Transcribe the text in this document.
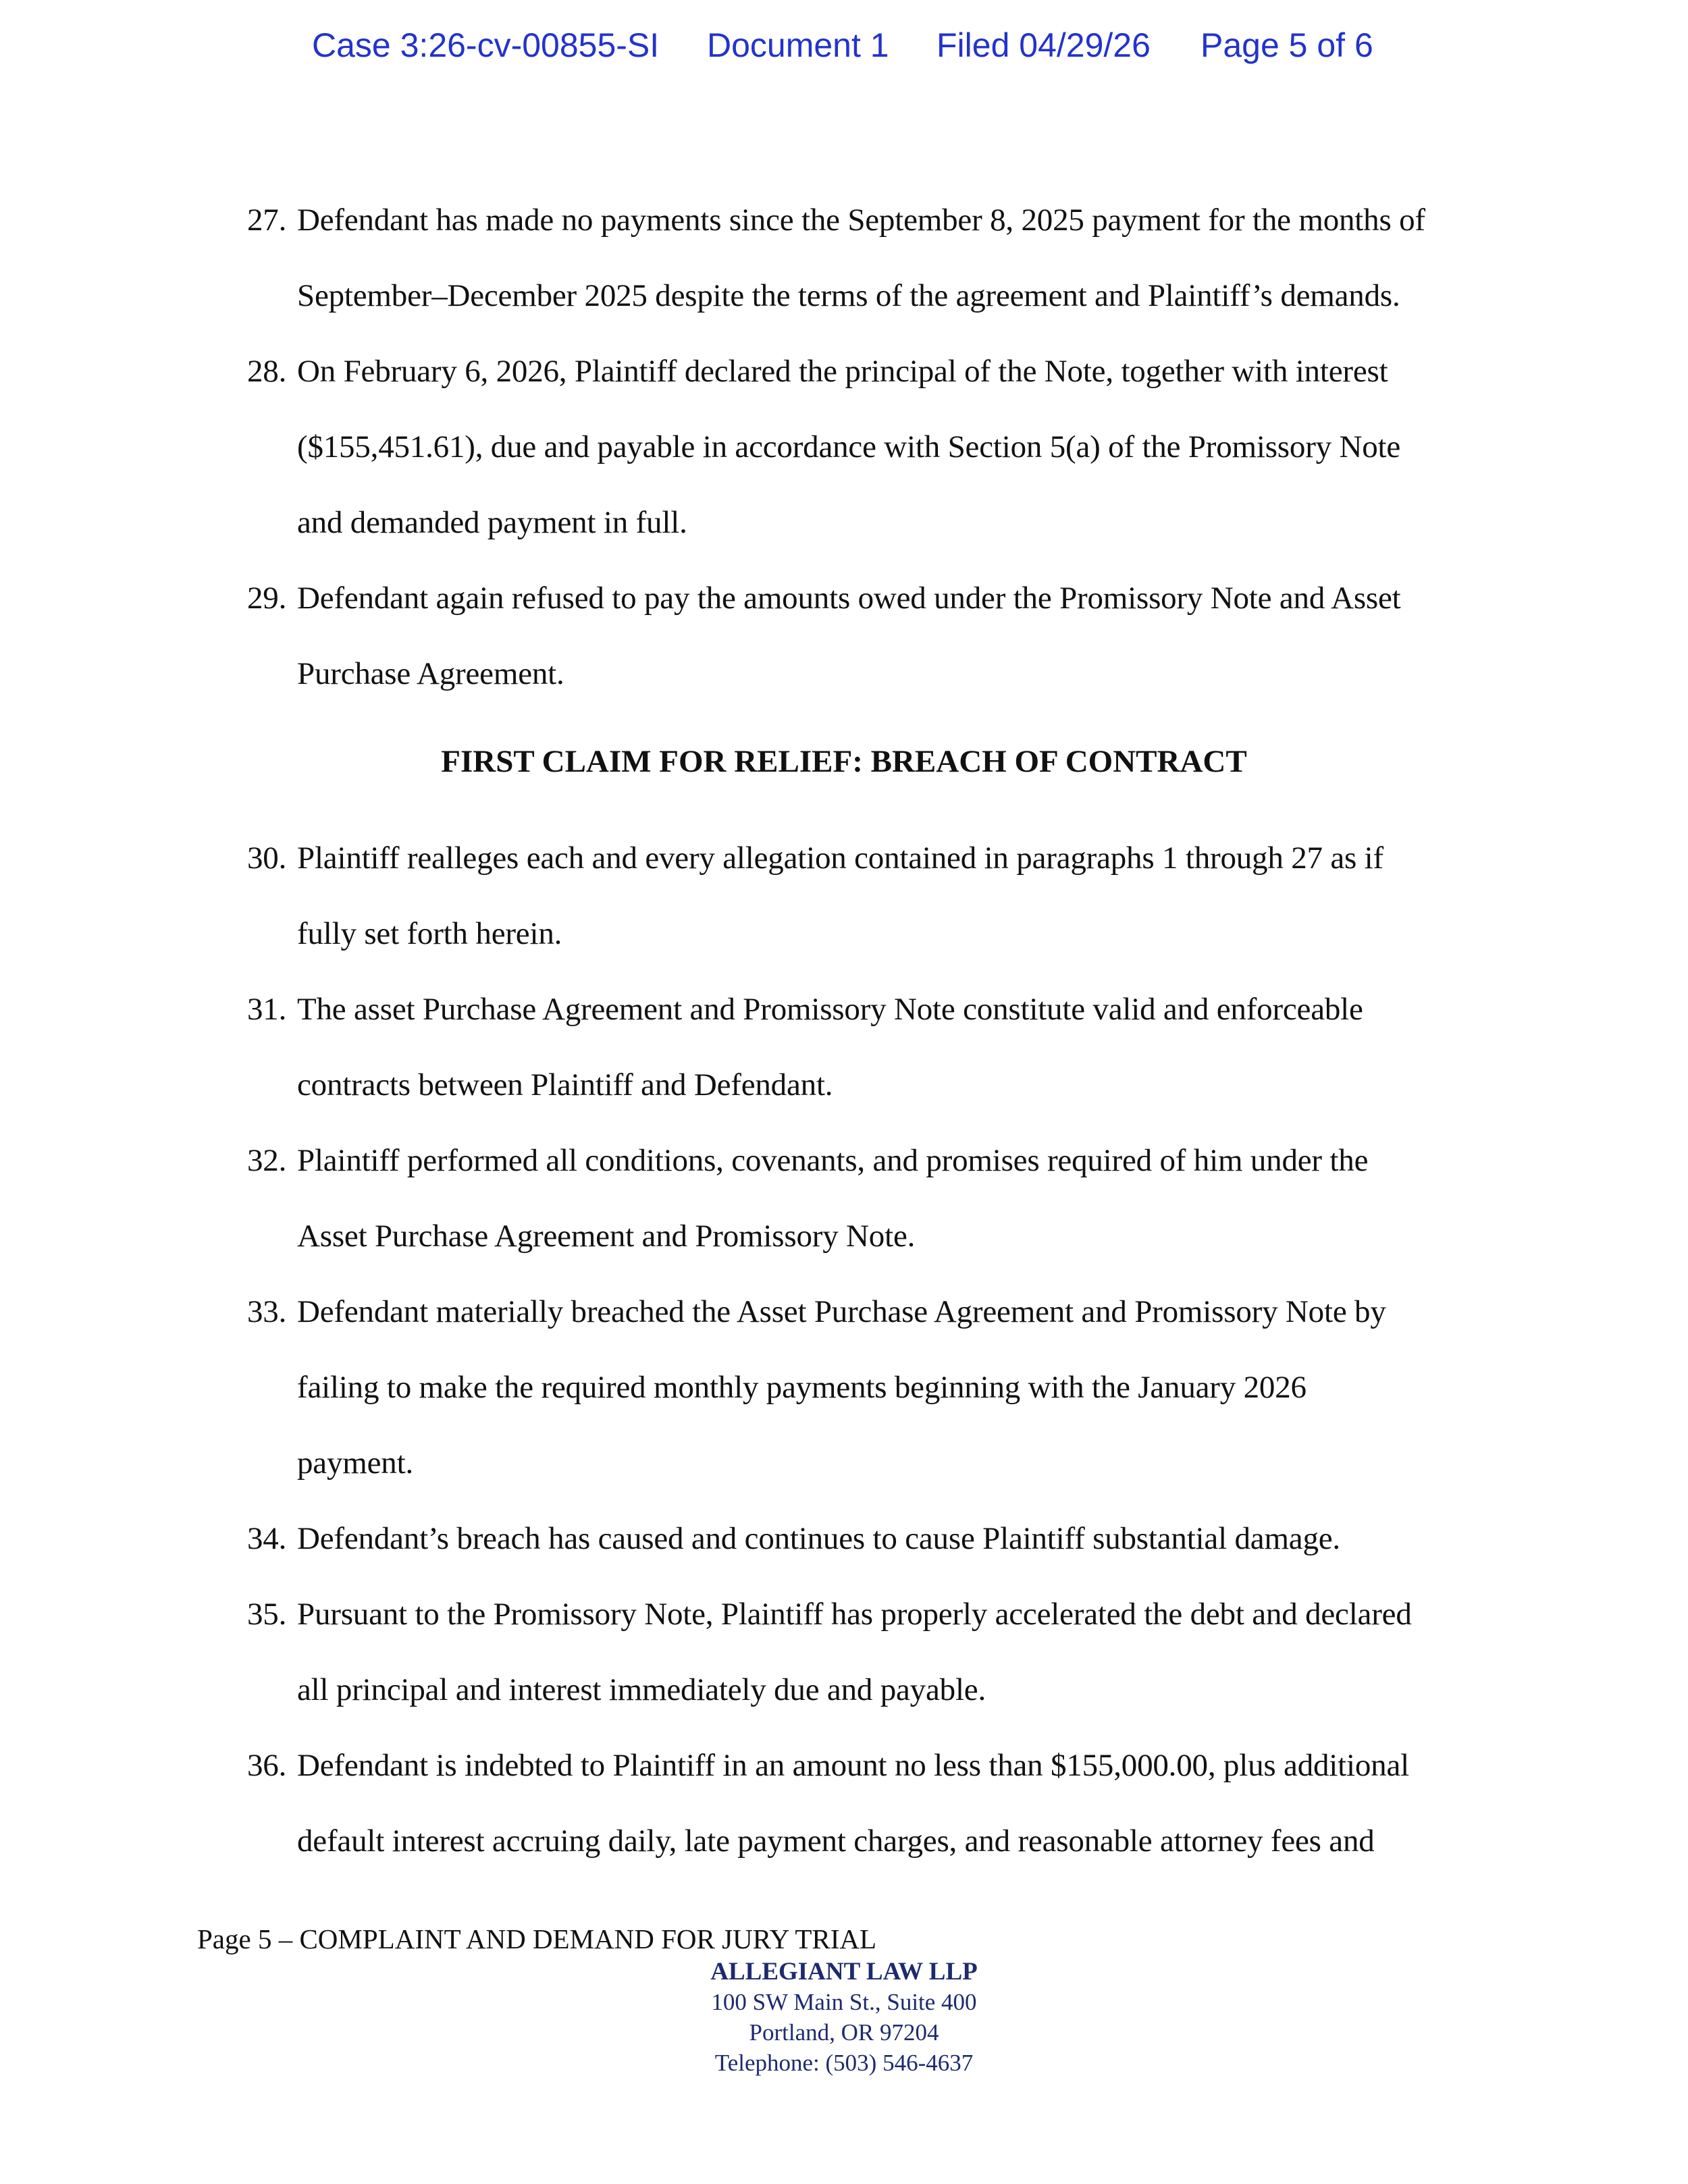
Case 3:26-cv-00855-SI Document 1 Filed 04/29/26 Page 5 of 6
27. Defendant has made no payments since the September 8, 2025 payment for the months of
September–December 2025 despite the terms of the agreement and Plaintiff’s demands.
28. On February 6, 2026, Plaintiff declared the principal of the Note, together with interest
($155,451.61), due and payable in accordance with Section 5(a) of the Promissory Note
and demanded payment in full.
29. Defendant again refused to pay the amounts owed under the Promissory Note and Asset
Purchase Agreement.
FIRST CLAIM FOR RELIEF: BREACH OF CONTRACT
30. Plaintiff realleges each and every allegation contained in paragraphs 1 through 27 as if
fully set forth herein.
31. The asset Purchase Agreement and Promissory Note constitute valid and enforceable
contracts between Plaintiff and Defendant.
32. Plaintiff performed all conditions, covenants, and promises required of him under the
Asset Purchase Agreement and Promissory Note.
33. Defendant materially breached the Asset Purchase Agreement and Promissory Note by
failing to make the required monthly payments beginning with the January 2026
payment.
34. Defendant’s breach has caused and continues to cause Plaintiff substantial damage.
35. Pursuant to the Promissory Note, Plaintiff has properly accelerated the debt and declared
all principal and interest immediately due and payable.
36. Defendant is indebted to Plaintiff in an amount no less than $155,000.00, plus additional
default interest accruing daily, late payment charges, and reasonable attorney fees and
Page 5 – COMPLAINT AND DEMAND FOR JURY TRIAL
ALLEGIANT LAW LLP
100 SW Main St., Suite 400
Portland, OR 97204
Telephone: (503) 546-4637
